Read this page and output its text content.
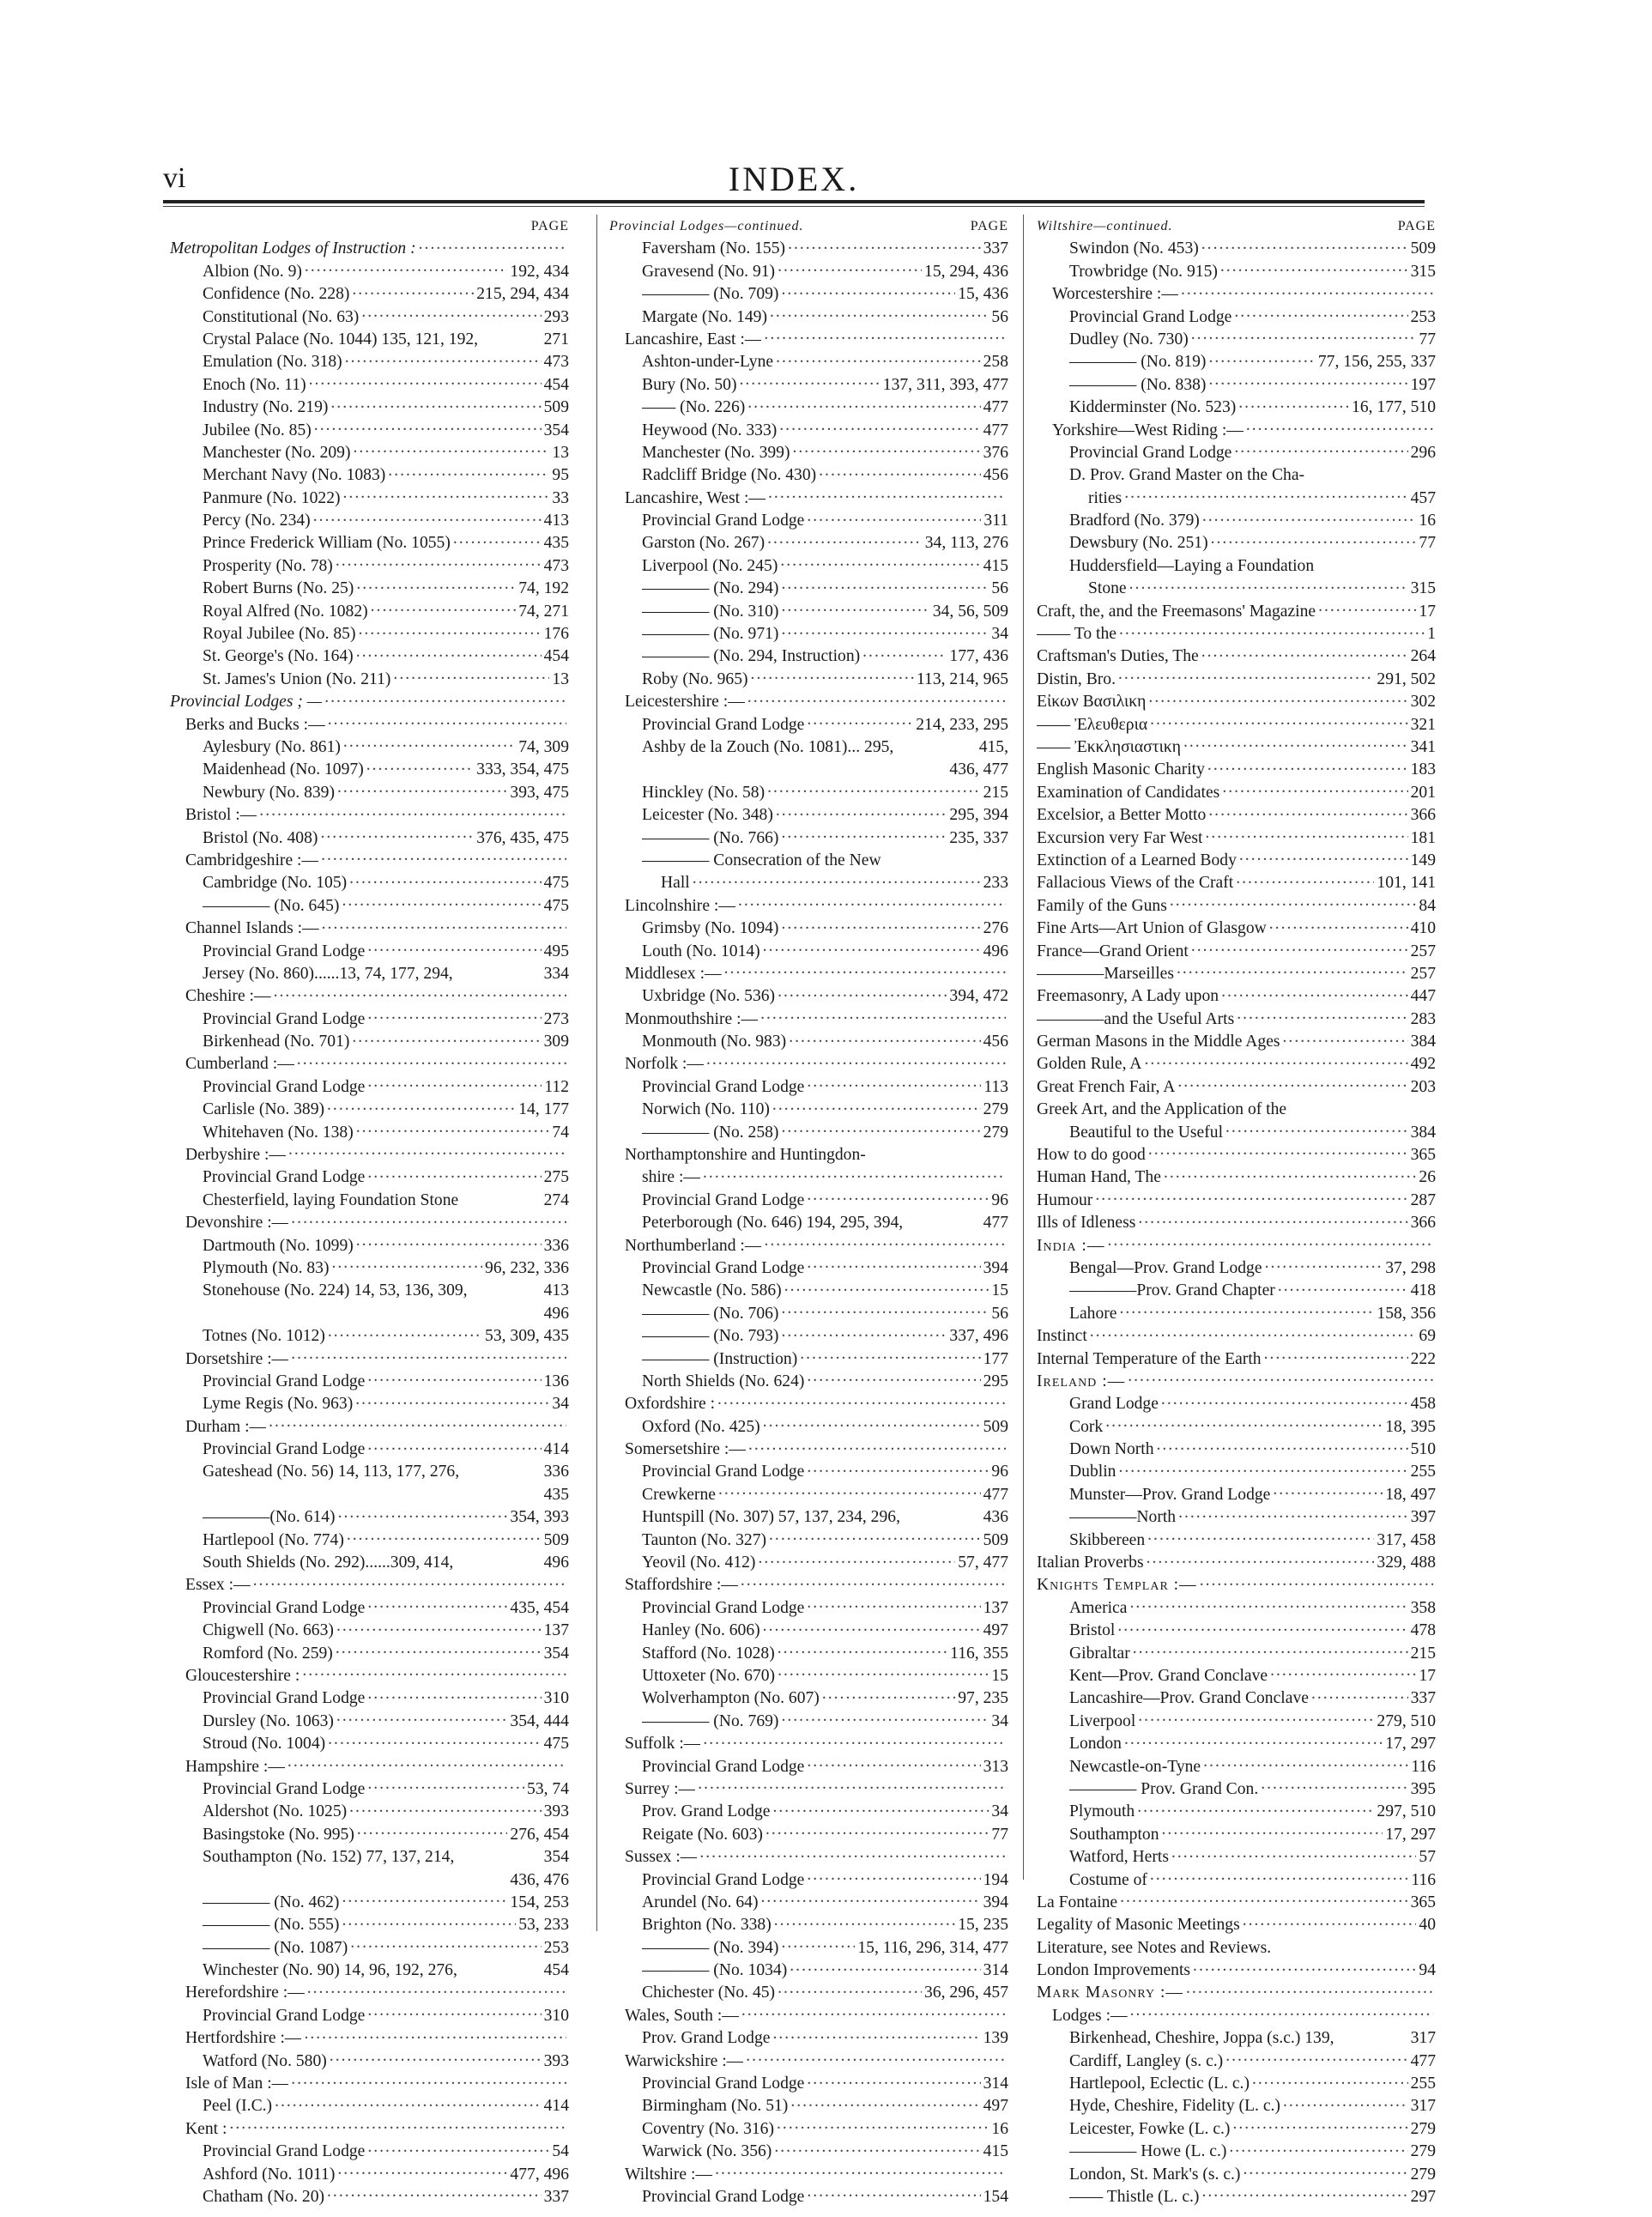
vi	INDEX.
PAGE
Metropolitan Lodges of Instruction :
.....
Albion (No. 9) .....	192, 434
Confidence (No. 228) .....	215, 294, 434
Constitutional (No. 63) .....	293
Crystal Palace (No. 1044) 135, 121, 192,	271
Emulation (No. 318) .....	473
Enoch (No. 11) .....	454
Industry (No. 219) .....	509
Jubilee (No. 85) .....	354
Manchester (No. 209) .....	13
Merchant Navy (No. 1083) .....	95
Panmure (No. 1022) .....	33
Percy (No. 234) .....	413
Prince Frederick William (No. 1055) .....	435
Prosperity (No. 78) .....	473
Robert Burns (No. 25) .....	74, 192
Royal Alfred (No. 1082) .....	74, 271
Royal Jubilee (No. 85) .....	176
St. George's (No. 164) .....	454
St. James's Union (No. 211) .....	13
Provincial Lodges ; —
.....
Berks and Bucks :—
.....
Aylesbury (No. 861) .....	74, 309
Maidenhead (No. 1097) .....	333, 354, 475
Newbury (No. 839) .....	393, 475
Bristol :—
.....
Bristol (No. 408) .....	376, 435, 475
Cambridgeshire :—
.....
Cambridge (No. 105) .....	475
———— (No. 645) .....	475
Channel Islands :—
.....
Provincial Grand Lodge .....	495
Jersey (No. 860)......13, 74, 177, 294,	334
Cheshire :—
.....
Provincial Grand Lodge .....	273
Birkenhead (No. 701) .....	309
Cumberland :—
.....
Provincial Grand Lodge .....	112
Carlisle (No. 389) .....	14, 177
Whitehaven (No. 138) .....	74
Derbyshire :—
.....
Provincial Grand Lodge .....	275
Chesterfield, laying Foundation Stone	274
Devonshire :—
.....
Dartmouth (No. 1099) .....	336
Plymouth (No. 83) .....	96, 232, 336
Stonehouse (No. 224) 14, 53, 136, 309,	413
496
Totnes (No. 1012) .....	53, 309, 435
Dorsetshire :—
.....
Provincial Grand Lodge .....	136
Lyme Regis (No. 963) .....	34
Durham :—
.....
Provincial Grand Lodge .....	414
Gateshead (No. 56) 14, 113, 177, 276,	336
435
————(No. 614) .....	354, 393
Hartlepool (No. 774) .....	509
South Shields (No. 292)......309, 414,	496
Essex :—
.....
Provincial Grand Lodge .....	435, 454
Chigwell (No. 663) .....	137
Romford (No. 259) .....	354
Gloucestershire :
.....
Provincial Grand Lodge .....	310
Dursley (No. 1063) .....	354, 444
Stroud (No. 1004) .....	475
Hampshire :—
.....
Provincial Grand Lodge .....	53, 74
Aldershot (No. 1025) .....	393
Basingstoke (No. 995) .....	276, 454
Southampton (No. 152) 77, 137, 214,	354
436, 476
———— (No. 462) .....	154, 253
———— (No. 555) .....	53, 233
———— (No. 1087) .....	253
Winchester (No. 90) 14, 96, 192, 276,	454
Herefordshire :—
.....
Provincial Grand Lodge .....	310
Hertfordshire :—
.....
Watford (No. 580) .....	393
Isle of Man :—
.....
Peel (I.C.) .....	414
Kent :
.....
Provincial Grand Lodge .....	54
Ashford (No. 1011) .....	477, 496
Chatham (No. 20) .....	337
Provincial Lodges—continued.	PAGE
Faversham (No. 155) .....	337
Gravesend (No. 91) .....	15, 294, 436
———— (No. 709) .....	15, 436
Margate (No. 149) .....	56
Lancashire, East :—
.....
Ashton-under-Lyne .....	258
Bury (No. 50) .....	137, 311, 393, 477
—— (No. 226) .....	477
Heywood (No. 333) .....	477
Manchester (No. 399) .....	376
Radcliff Bridge (No. 430) .....	456
Lancashire, West :—
.....
Provincial Grand Lodge .....	311
Garston (No. 267) .....	34, 113, 276
Liverpool (No. 245) .....	415
———— (No. 294) .....	56
———— (No. 310) .....	34, 56, 509
———— (No. 971) .....	34
———— (No. 294, Instruction) .....	177, 436
Roby (No. 965) .....	113, 214, 965
Leicestershire :—
.....
Provincial Grand Lodge .....	214, 233, 295
Ashby de la Zouch (No. 1081)... 295,	415,
436, 477
Hinckley (No. 58) .....	215
Leicester (No. 348) .....	295, 394
———— (No. 766) .....	235, 337
———— Consecration of the New
Hall .....	233
Lincolnshire :—
.....
Grimsby (No. 1094) .....	276
Louth (No. 1014) .....	496
Middlesex :—
.....
Uxbridge (No. 536) .....	394, 472
Monmouthshire :—
.....
Monmouth (No. 983) .....	456
Norfolk :—
.....
Provincial Grand Lodge .....	113
Norwich (No. 110) .....	279
———— (No. 258) .....	279
Northamptonshire and Huntingdon-
shire :—
.....
Provincial Grand Lodge .....	96
Peterborough (No. 646) 194, 295, 394,	477
Northumberland :—
.....
Provincial Grand Lodge .....	394
Newcastle (No. 586) .....	15
———— (No. 706) .....	56
———— (No. 793) .....	337, 496
———— (Instruction) .....	177
North Shields (No. 624) .....	295
Oxfordshire :
.....
Oxford (No. 425) .....	509
Somersetshire :—
.....
Provincial Grand Lodge .....	96
Crewkerne .....	477
Huntspill (No. 307) 57, 137, 234, 296,	436
Taunton (No. 327) .....	509
Yeovil (No. 412) .....	57, 477
Staffordshire :—
.....
Provincial Grand Lodge .....	137
Hanley (No. 606) .....	497
Stafford (No. 1028) .....	116, 355
Uttoxeter (No. 670) .....	15
Wolverhampton (No. 607) .....	97, 235
———— (No. 769) .....	34
Suffolk :—
.....
Provincial Grand Lodge .....	313
Surrey :—
.....
Prov. Grand Lodge .....	34
Reigate (No. 603) .....	77
Sussex :—
.....
Provincial Grand Lodge .....	194
Arundel (No. 64) .....	394
Brighton (No. 338) .....	15, 235
———— (No. 394) .....	15, 116, 296, 314, 477
———— (No. 1034) .....	314
Chichester (No. 45) .....	36, 296, 457
Wales, South :—
.....
Prov. Grand Lodge .....	139
Warwickshire :—
.....
Provincial Grand Lodge .....	314
Birmingham (No. 51) .....	497
Coventry (No. 316) .....	16
Warwick (No. 356) .....	415
Wiltshire :—
.....
Provincial Grand Lodge .....	154
Wiltshire—continued.	PAGE
Swindon (No. 453) .....	509
Trowbridge (No. 915) .....	315
Worcestershire :—
.....
Provincial Grand Lodge .....	253
Dudley (No. 730) .....	77
———— (No. 819) .....	77, 156, 255, 337
———— (No. 838) .....	197
Kidderminster (No. 523) .....	16, 177, 510
Yorkshire—West Riding :—
.....
Provincial Grand Lodge .....	296
D. Prov. Grand Master on the Cha-
rities .....	457
Bradford (No. 379) .....	16
Dewsbury (No. 251) .....	77
Huddersfield—Laying a Foundation
Stone .....	315
Craft, the, and the Freemasons' Magazine .....	17
—— To the .....	1
Craftsman's Duties, The .....	264
Distin, Bro. .....	291, 502
Εἰκων Βασιλικη .....	302
—— Ἐλευθερια .....	321
—— Ἐκκλησιαστικη .....	341
English Masonic Charity .....	183
Examination of Candidates .....	201
Excelsior, a Better Motto .....	366
Excursion very Far West .....	181
Extinction of a Learned Body .....	149
Fallacious Views of the Craft .....	101, 141
Family of the Guns .....	84
Fine Arts—Art Union of Glasgow .....	410
France—Grand Orient .....	257
————Marseilles .....	257
Freemasonry, A Lady upon .....	447
————and the Useful Arts .....	283
German Masons in the Middle Ages .....	384
Golden Rule, A .....	492
Great French Fair, A .....	203
Greek Art, and the Application of the
Beautiful to the Useful .....	384
How to do good .....	365
Human Hand, The .....	26
Humour .....	287
Ills of Idleness .....	366
India :—
.....
Bengal—Prov. Grand Lodge .....	37, 298
————Prov. Grand Chapter .....	418
Lahore .....	158, 356
Instinct .....	69
Internal Temperature of the Earth .....	222
Ireland :—
.....
Grand Lodge .....	458
Cork .....	18, 395
Down North .....	510
Dublin .....	255
Munster—Prov. Grand Lodge .....	18, 497
————North .....	397
Skibbereen .....	317, 458
Italian Proverbs .....	329, 488
Knights Templar :—
.....
America .....	358
Bristol .....	478
Gibraltar .....	215
Kent—Prov. Grand Conclave .....	17
Lancashire—Prov. Grand Conclave .....	337
Liverpool .....	279, 510
London .....	17, 297
Newcastle-on-Tyne .....	116
———— Prov. Grand Con. .....	395
Plymouth .....	297, 510
Southampton .....	17, 297
Watford, Herts .....	57
Costume of .....	116
La Fontaine .....	365
Legality of Masonic Meetings .....	40
Literature, see Notes and Reviews.
London Improvements .....	94
Mark Masonry :—
.....
Lodges :—
.....
Birkenhead, Cheshire, Joppa (s.c.) 139,	317
Cardiff, Langley (s. c.) .....	477
Hartlepool, Eclectic (L. c.) .....	255
Hyde, Cheshire, Fidelity (L. c.) .....	317
Leicester, Fowke (L. c.) .....	279
———— Howe (L. c.) .....	279
London, St. Mark's (s. c.) .....	279
—— Thistle (L. c.) .....	297
